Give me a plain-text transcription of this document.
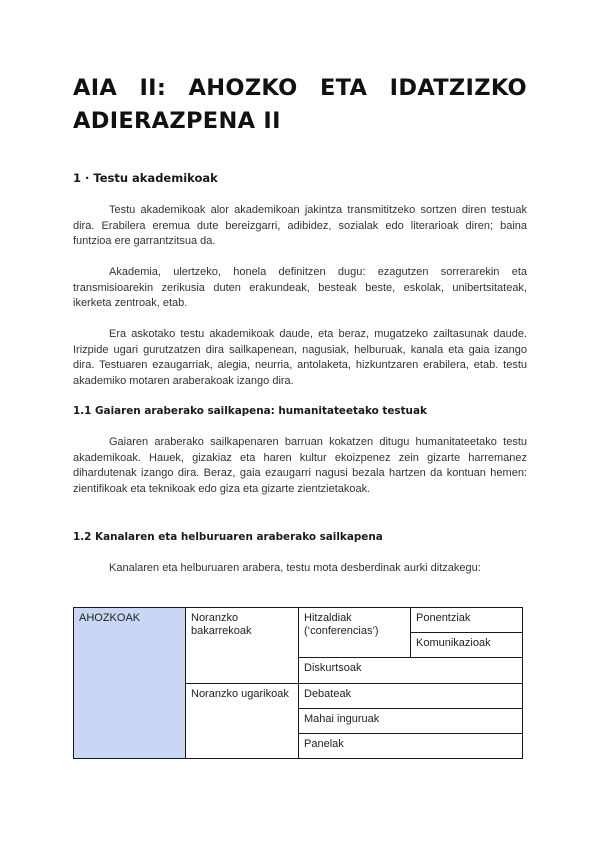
AIA II: AHOZKO ETA IDATZIZKO
ADIERAZPENA II
1 · Testu akademikoak

Testu akademikoak alor akademikoan jakintza transmititzeko sortzen diren testuak dira. Erabilera eremua dute bereizgarri, adibidez, sozialak edo literarioak diren; baina funtzioa ere garrantzitsua da.

Akademia, ulertzeko, honela definitzen dugu: ezagutzen sorrerarekin eta transmisioarekin zerikusia duten erakundeak, besteak beste, eskolak, unibertsitateak, ikerketa zentroak, etab.

Era askotako testu akademikoak daude, eta beraz, mugatzeko zailtasunak daude. Irizpide ugari gurutzatzen dira sailkapenean, nagusiak, helburuak, kanala eta gaia izango dira. Testuaren ezaugarriak, alegia, neurria, antolaketa, hizkuntzaren erabilera, etab. testu akademiko motaren araberakoak izango dira.

1.1 Gaiaren araberako sailkapena: humanitateetako testuak

Gaiaren araberako sailkapenaren barruan kokatzen ditugu humanitateetako testu akademikoak. Hauek, gizakiaz eta haren kultur ekoizpenez zein gizarte harremanez dihardutenak izango dira. Beraz, gaia ezaugarri nagusi bezala hartzen da kontuan hemen: zientifikoak eta teknikoak edo giza eta gizarte zientzietakoak.

1.2 Kanalaren eta helburuaren araberako sailkapena

Kanalaren eta helburuaren arabera, testu mota desberdinak aurki ditzakegu:

AHOZKOAK	Noranzko bakarrekoak	Hitzaldiak (‘conferencias’)	Ponentziak
			Komunikazioak
		Diskurtsoak	
	Noranzko ugarikoak	Debateak	
		Mahai inguruak	
		Panelak	
